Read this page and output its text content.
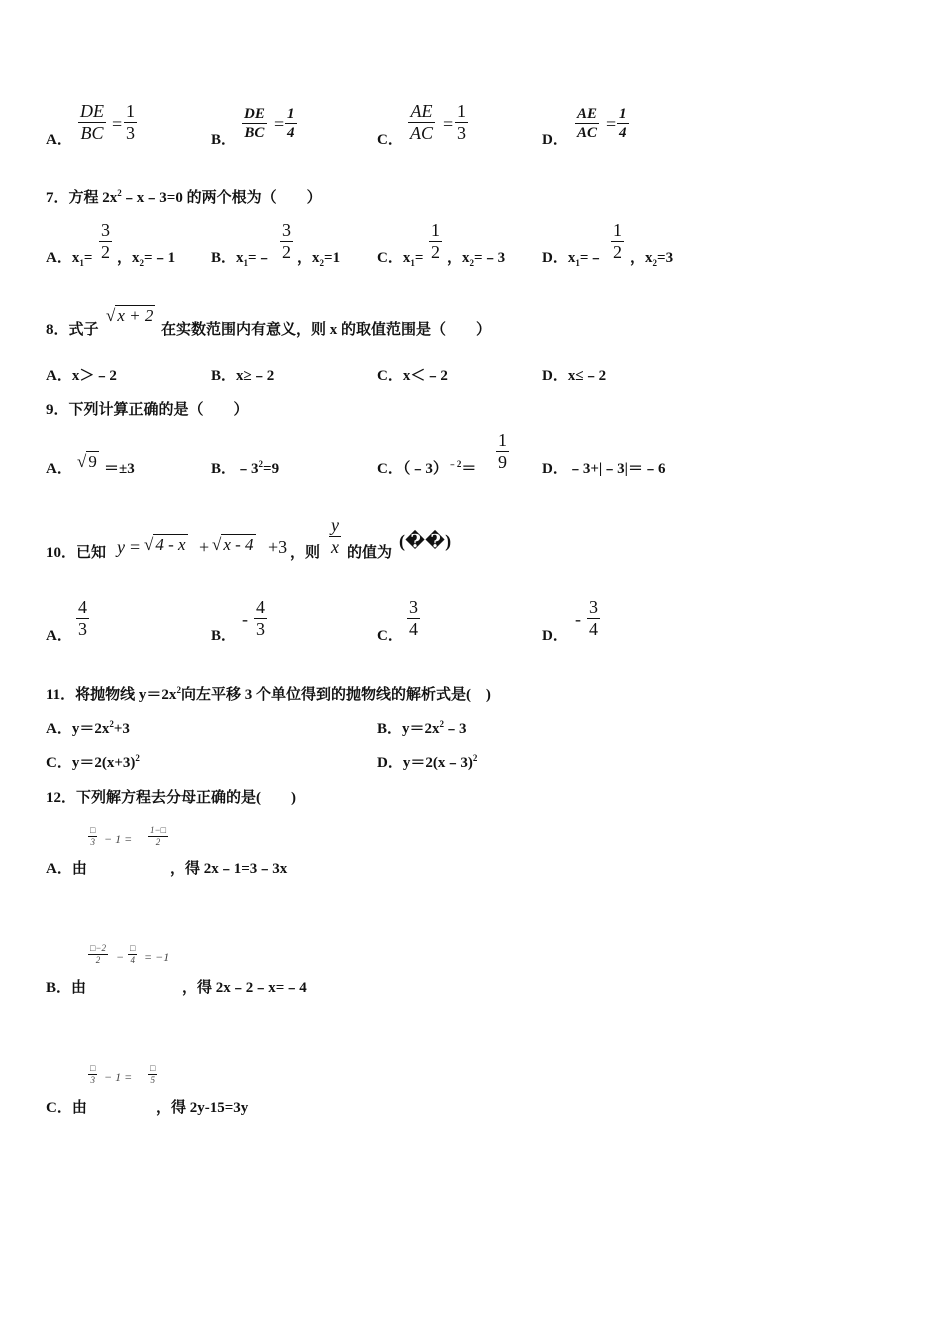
A． $\frac{DE}{BC} = \frac{1}{3}$	B． $\frac{DE}{BC} = \frac{1}{4}$	C． $\frac{AE}{AC} = \frac{1}{3}$	D． $\frac{AE}{AC} = \frac{1}{4}$
7．方程 $2x^2﹣x﹣3=0$ 的两个根为（　　）
A．$x_1= \frac{3}{2}$ ，$x_2=﹣1$ B．$x_1=﹣ \frac{3}{2}$ ，$x_2=1$ C．$x_1= \frac{1}{2}$ ，$x_2=﹣3$ D．$x_1=﹣ \frac{1}{2}$ ，$x_2=3$
8．式子
√ x + 2
在实数范围内有意义，则 x 的取值范围是（　　）
A．x＞﹣2	B．x≥﹣2	C．x＜﹣2	D．x≤﹣2
9．下列计算正确的是（　　）
A． √ 9 ＝±3	B．$﹣3^2=9$	C．（﹣3）$^{﹣2}$＝ $\frac{1}{9}$ D．﹣3+|﹣3|＝﹣6
10．已知 y = √ 4 - x + √ x - 4 +3 ，则 $\frac{y}{x}$ 的值为
(��)
A． $\frac{4}{3}$	B．
- $\frac{4}{3}$	C． $\frac{3}{4}$	D．
- $\frac{3}{4}$
11．将抛物线 $y=2x^2$向左平移 3 个单位得到的抛物线的解析式是(　)
A．$y=2x^2+3$	B．$y=2x^2﹣3$
C．$y=2(x+3)^2$	D．y＝2(x﹣3)$^2$
12．下列解方程去分母正确的是(　　)
□
$3 - 1 = \frac{1-□}{2}$
A．由	，得 2x﹣1=3﹣3x
$\frac{□-2}{2}$ −
□
4 = −1
B．由	，得 2x﹣2﹣x=﹣4
□
3 − 1 =
□
5
C．由	，得 2y-15=3y
